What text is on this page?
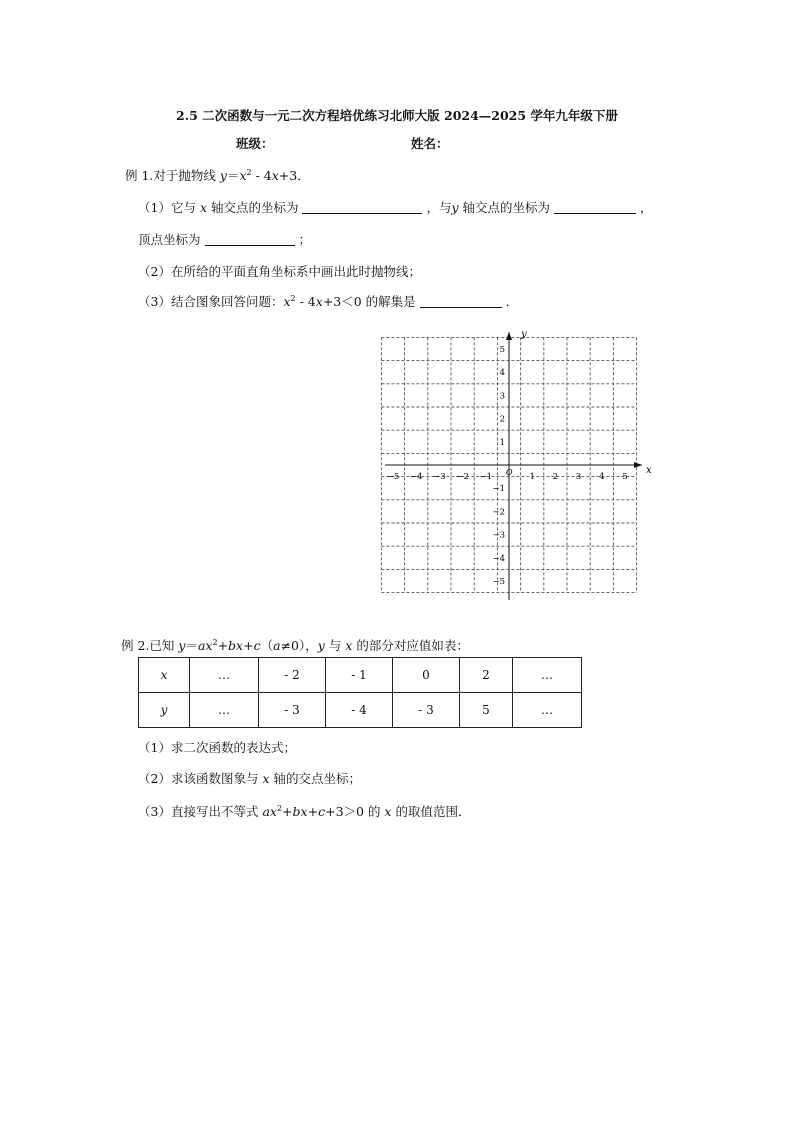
2.5 二次函数与一元二次方程培优练习北师大版 2024—2025 学年九年级下册
班级：	姓名：
例 1.对于抛物线 $y=x^2 - 4x+3$．
（1）它与 x 轴交点的坐标为	，与y 轴交点的坐标为	，
顶点坐标为	；
（2）在所给的平面直角坐标系中画出此时抛物线；
（3）结合图象回答问题：$x^2 - 4x+3<0$ 的解集是	．
−5 −4 −3 −2 −1	1 2 3 4 5
5
4
3
2
1
−1
−2
−3
−4
−5
x
y
O
例 2.已知 $y=ax^2+bx+c(a\ne 0)$，y 与 x 的部分对应值如表：
x	…	- 2	- 1	0	2	…
y	…	- 3	- 4	- 3	5	…
（1）求二次函数的表达式；
（2）求该函数图象与 x 轴的交点坐标；
（3）直接写出不等式 $ax^2+bx+c+3>0$ 的 x 的取值范围．
